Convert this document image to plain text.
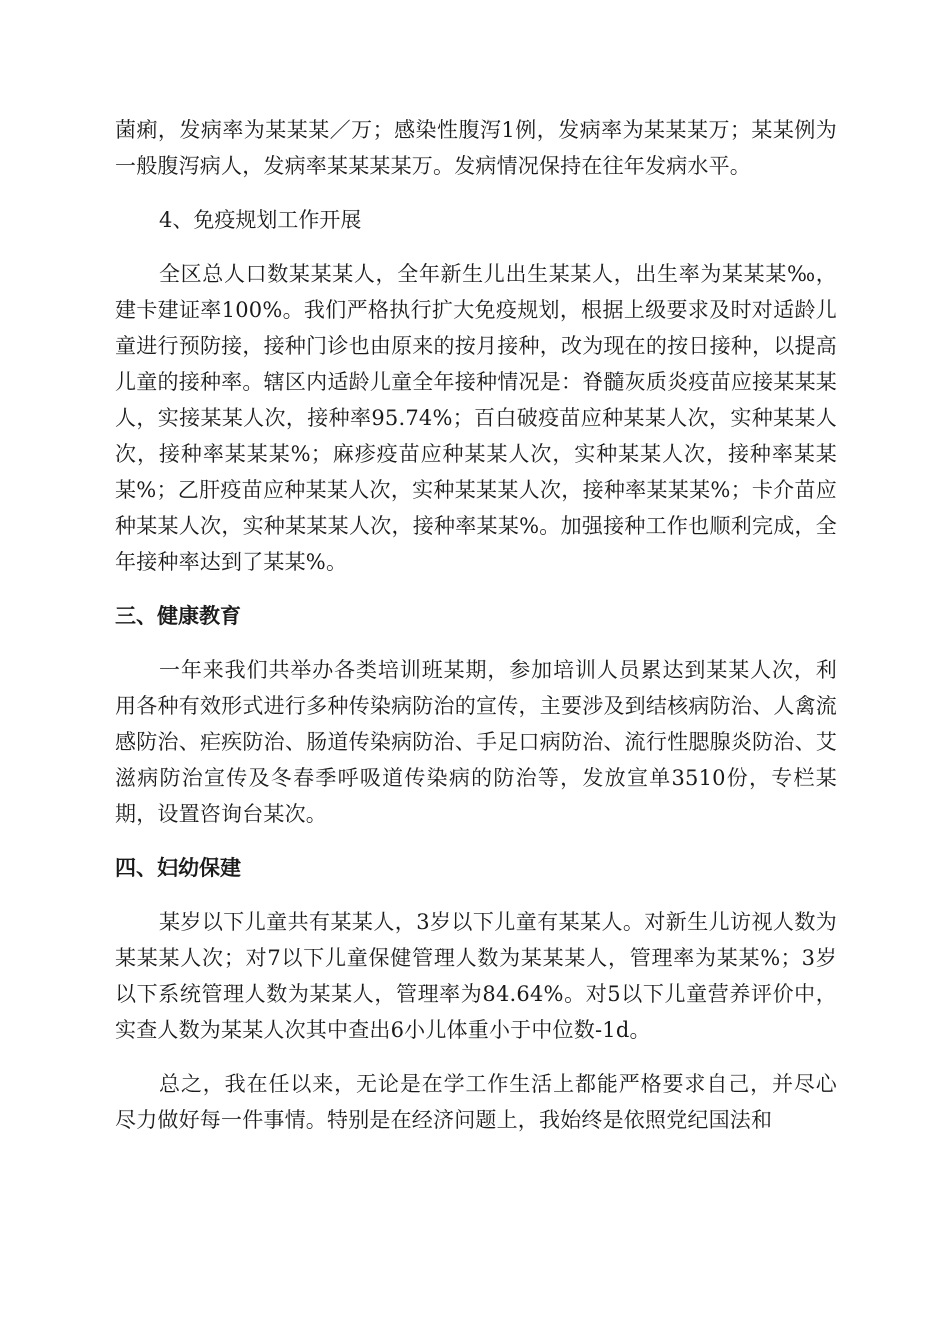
菌痢，发病率为某某某／万；感染性腹泻1例，发病率为某某某万；某某例为一般腹泻病人，发病率某某某某万。发病情况保持在往年发病水平。

4、免疫规划工作开展

全区总人口数某某某人，全年新生儿出生某某人，出生率为某某某‰，建卡建证率100%。我们严格执行扩大免疫规划，根据上级要求及时对适龄儿童进行预防接，接种门诊也由原来的按月接种，改为现在的按日接种，以提高儿童的接种率。辖区内适龄儿童全年接种情况是：脊髓灰质炎疫苗应接某某某人，实接某某人次，接种率95.74%；百白破疫苗应种某某人次，实种某某人次，接种率某某某%；麻疹疫苗应种某某人次，实种某某人次，接种率某某某%；乙肝疫苗应种某某人次，实种某某某人次，接种率某某某%；卡介苗应种某某人次，实种某某某人次，接种率某某%。加强接种工作也顺利完成，全年接种率达到了某某%。

三、健康教育

一年来我们共举办各类培训班某期，参加培训人员累达到某某人次，利用各种有效形式进行多种传染病防治的宣传，主要涉及到结核病防治、人禽流感防治、疟疾防治、肠道传染病防治、手足口病防治、流行性腮腺炎防治、艾滋病防治宣传及冬春季呼吸道传染病的防治等，发放宣单3510份，专栏某期，设置咨询台某次。

四、妇幼保建

某岁以下儿童共有某某人，3岁以下儿童有某某人。对新生儿访视人数为某某某人次；对7以下儿童保健管理人数为某某某人，管理率为某某%；3岁以下系统管理人数为某某人，管理率为84.64%。对5以下儿童营养评价中，实查人数为某某人次其中查出6小儿体重小于中位数-1d。

总之，我在任以来，无论是在学工作生活上都能严格要求自己，并尽心尽力做好每一件事情。特别是在经济问题上，我始终是依照党纪国法和
